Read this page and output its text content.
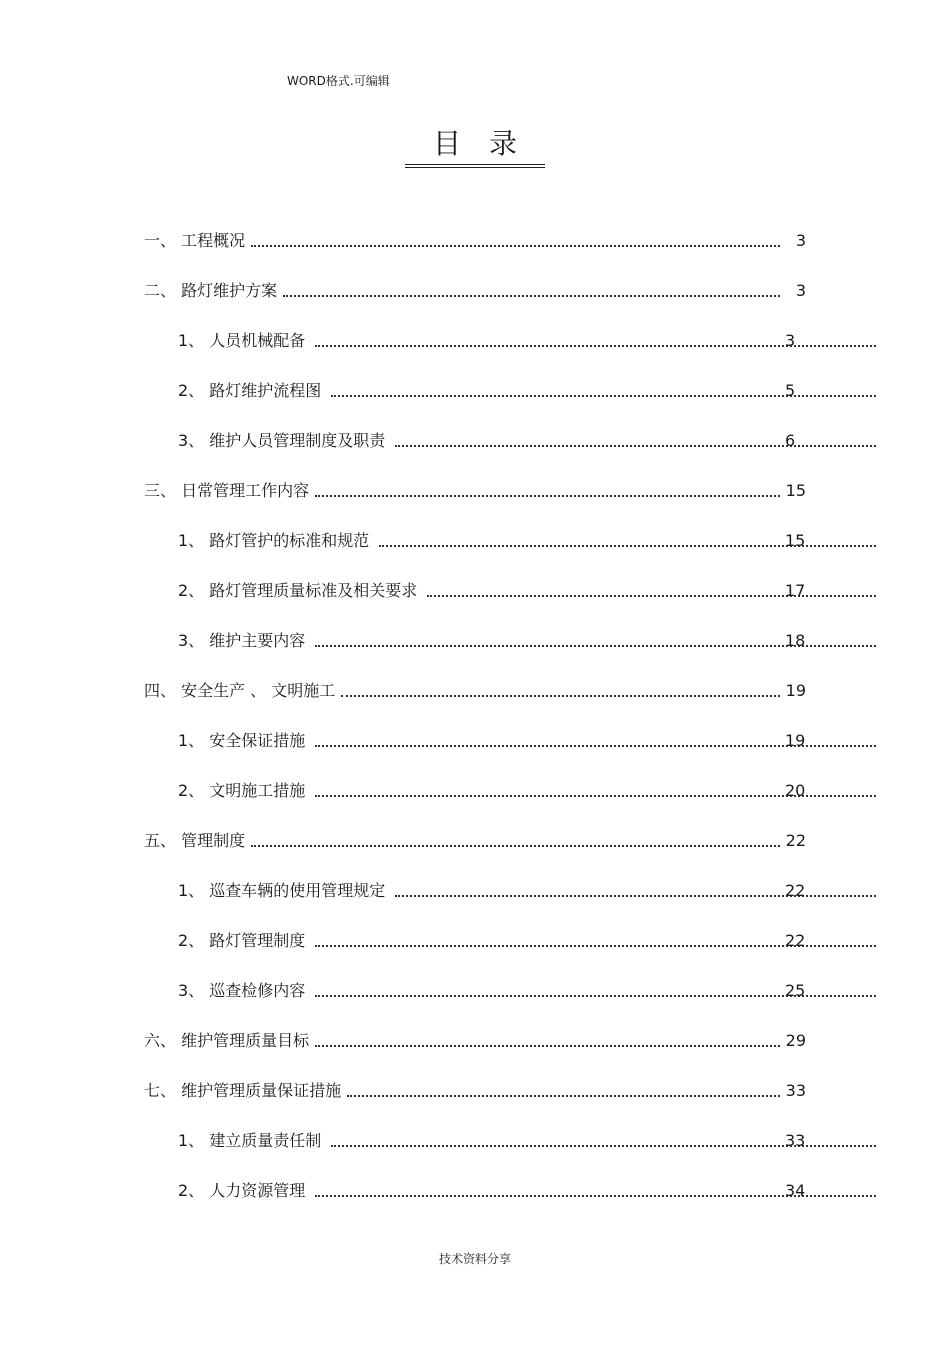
WORD格式.可编辑
目录
一、 工程概况	3
二、 路灯维护方案	3
1、 人员机械配备	3
2、 路灯维护流程图	5
3、 维护人员管理制度及职责	6
三、 日常管理工作内容	15
1、 路灯管护的标准和规范	15
2、 路灯管理质量标准及相关要求	17
3、 维护主要内容	18
四、 安全生产 、 文明施工	19
1、 安全保证措施	19
2、 文明施工措施	20
五、 管理制度	22
1、 巡查车辆的使用管理规定	22
2、 路灯管理制度	22
3、 巡查检修内容	25
六、 维护管理质量目标	29
七、 维护管理质量保证措施	33
1、 建立质量责任制	33
2、 人力资源管理	34
技术资料分享
